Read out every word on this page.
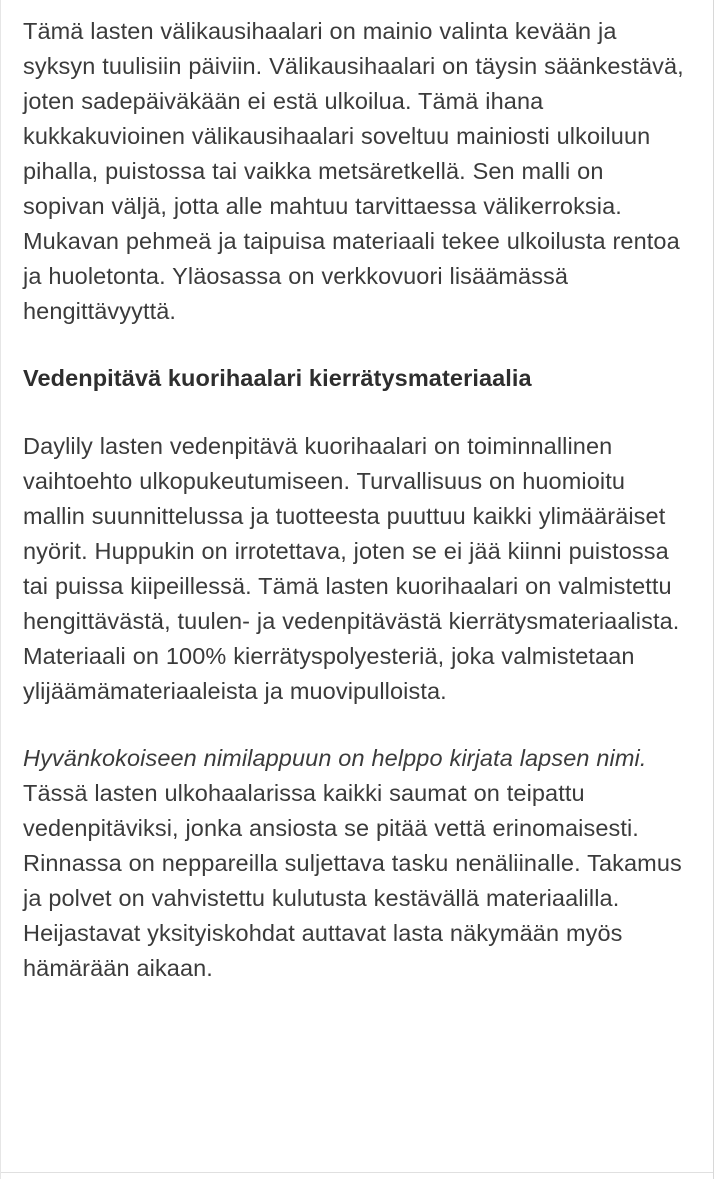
Tämä lasten välikausihaalari on mainio valinta kevään ja syksyn tuulisiin päiviin. Välikausihaalari on täysin säänkestävä, joten sadepäiväkään ei estä ulkoilua. Tämä ihana kukkakuvioinen välikausihaalari soveltuu mainiosti ulkoiluun pihalla, puistossa tai vaikka metsäretkellä. Sen malli on sopivan väljä, jotta alle mahtuu tarvittaessa välikerroksia. Mukavan pehmeä ja taipuisa materiaali tekee ulkoilusta rentoa ja huoletonta. Yläosassa on verkkovuori lisäämässä hengittävyyttä.

Vedenpitävä kuorihaalari kierrätysmateriaalia

Daylily lasten vedenpitävä kuorihaalari on toiminnallinen vaihtoehto ulkopukeutumiseen. Turvallisuus on huomioitu mallin suunnittelussa ja tuotteesta puuttuu kaikki ylimääräiset nyörit. Huppukin on irrotettava, joten se ei jää kiinni puistossa tai puissa kiipeillessä. Tämä lasten kuorihaalari on valmistettu hengittävästä, tuulen- ja vedenpitävästä kierrätysmateriaalista. Materiaali on 100% kierrätyspolyesteriä, joka valmistetaan ylijäämämateriaaleista ja muovipulloista.

Hyvänkokoiseen nimilappuun on helppo kirjata lapsen nimi. Tässä lasten ulkohaalarissa kaikki saumat on teipattu vedenpitäviksi, jonka ansiosta se pitää vettä erinomaisesti. Rinnassa on neppareilla suljettava tasku nenäliinalle. Takamus ja polvet on vahvistettu kulutusta kestävällä materiaalilla. Heijastavat yksityiskohdat auttavat lasta näkymään myös hämärään aikaan.
